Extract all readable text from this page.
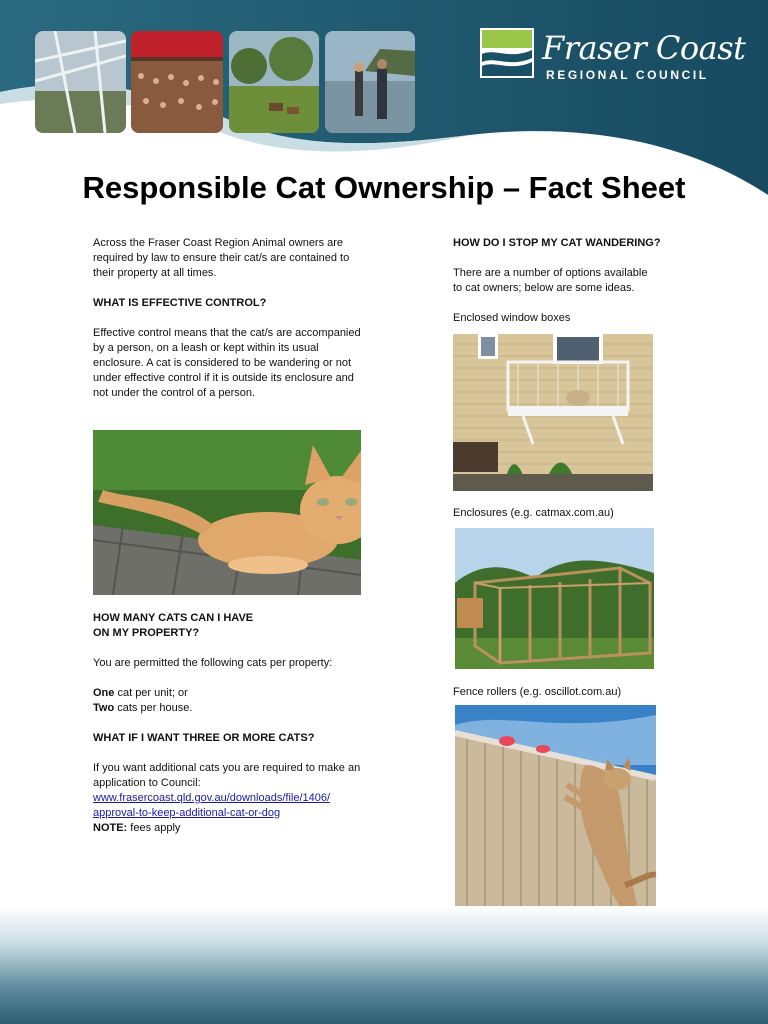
Fraser Coast
REGIONAL COUNCIL
Responsible Cat Ownership – Fact Sheet

Across the Fraser Coast Region Animal owners are required by law to ensure their cat/s are contained to their property at all times.

WHAT IS EFFECTIVE CONTROL?

Effective control means that the cat/s are accompanied by a person, on a leash or kept within its usual enclosure. A cat is considered to be wandering or not under effective control if it is outside its enclosure and not under the control of a person.

HOW MANY CATS CAN I HAVE

ON MY PROPERTY?

You are permitted the following cats per property:

One cat per unit; or

Two cats per house.

WHAT IF I WANT THREE OR MORE CATS?

If you want additional cats you are required to make an application to Council:

www.frasercoast.qld.gov.au/downloads/file/1406/

approval-to-keep-additional-cat-or-dog

NOTE: fees apply

HOW DO I STOP MY CAT WANDERING?

There are a number of options available

to cat owners; below are some ideas.

Enclosed window boxes

Enclosures (e.g. catmax.com.au)

Fence rollers (e.g. oscillot.com.au)
